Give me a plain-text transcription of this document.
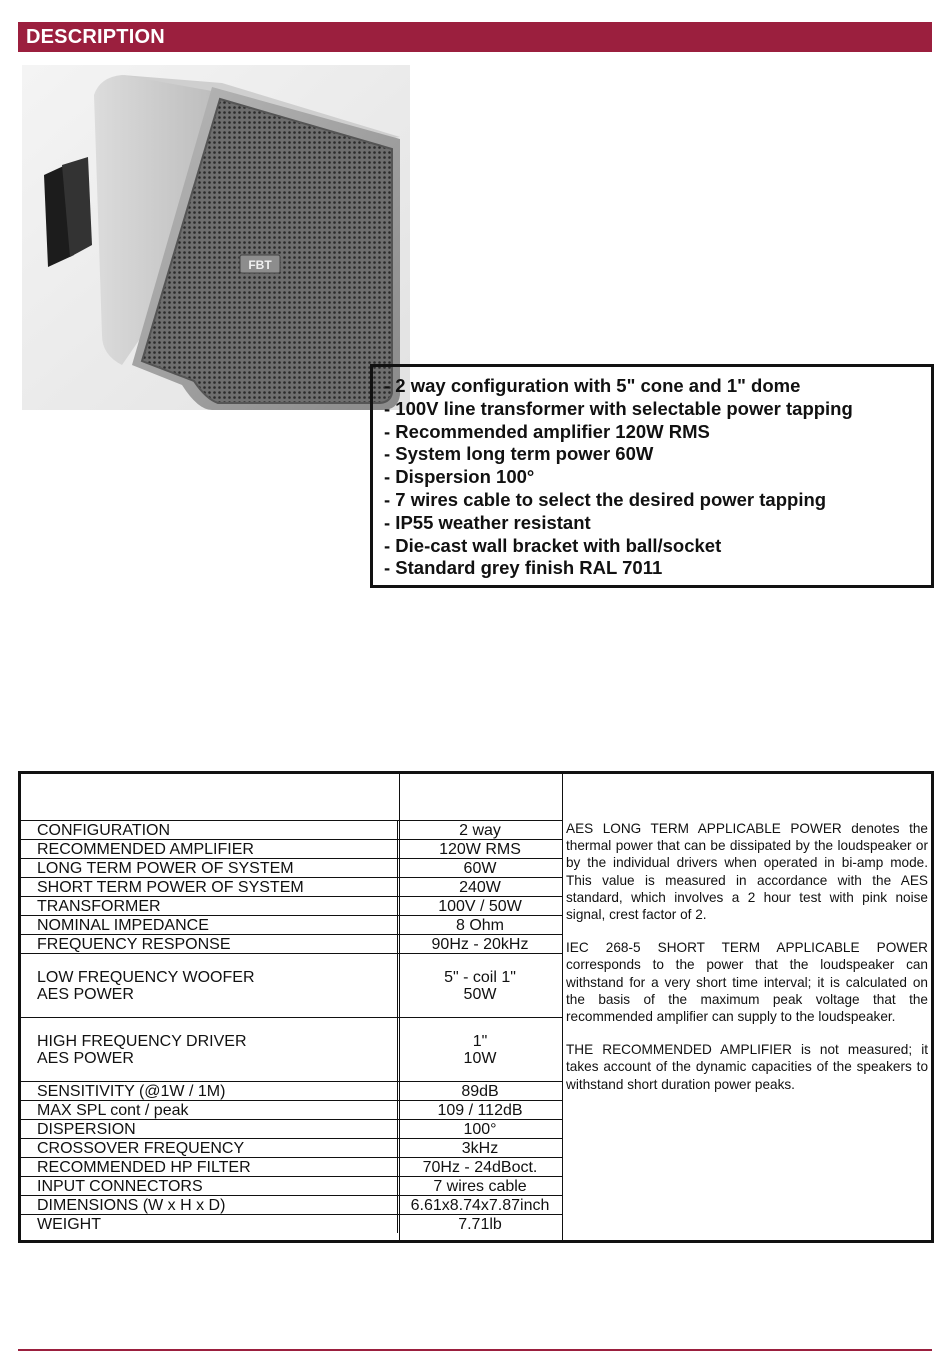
DESCRIPTION
FBT
- 2 way configuration with 5" cone and 1" dome
- 100V line transformer with selectable power tapping
- Recommended amplifier 120W RMS
- System long term power 60W
- Dispersion 100°
- 7 wires cable to select the desired power tapping
- IP55 weather resistant
- Die-cast wall bracket with ball/socket
- Standard grey finish RAL 7011
CONFIGURATION	2 way
RECOMMENDED AMPLIFIER	120W RMS
LONG TERM POWER OF SYSTEM	60W
SHORT TERM POWER OF SYSTEM	240W
TRANSFORMER	100V / 50W
NOMINAL IMPEDANCE	8 Ohm
FREQUENCY RESPONSE	90Hz - 20kHz
LOW FREQUENCY WOOFER
AES POWER	5" - coil 1"
50W
HIGH FREQUENCY DRIVER
AES POWER	1"
10W
SENSITIVITY (@1W / 1M)	89dB
MAX SPL cont / peak	109 / 112dB
DISPERSION	100°
CROSSOVER FREQUENCY	3kHz
RECOMMENDED HP FILTER	70Hz - 24dBoct.
INPUT CONNECTORS	7 wires cable
DIMENSIONS (W x H x D)	6.61x8.74x7.87inch
WEIGHT	7.71lb

AES LONG TERM APPLICABLE POWER denotes the thermal power that can be dissipated by the loudspeaker or by the individual drivers when operated in bi-amp mode. This value is measured in accordance with the AES standard, which involves a 2 hour test with pink noise signal, crest factor of 2.

IEC 268-5 SHORT TERM APPLICABLE POWER corresponds to the power that the loudspeaker can withstand for a very short time interval; it is calculated on the basis of the maximum peak voltage that the recommended amplifier can supply to the loudspeaker.

THE RECOMMENDED AMPLIFIER is not measured; it takes account of the dynamic capacities of the speakers to withstand short duration power peaks.
